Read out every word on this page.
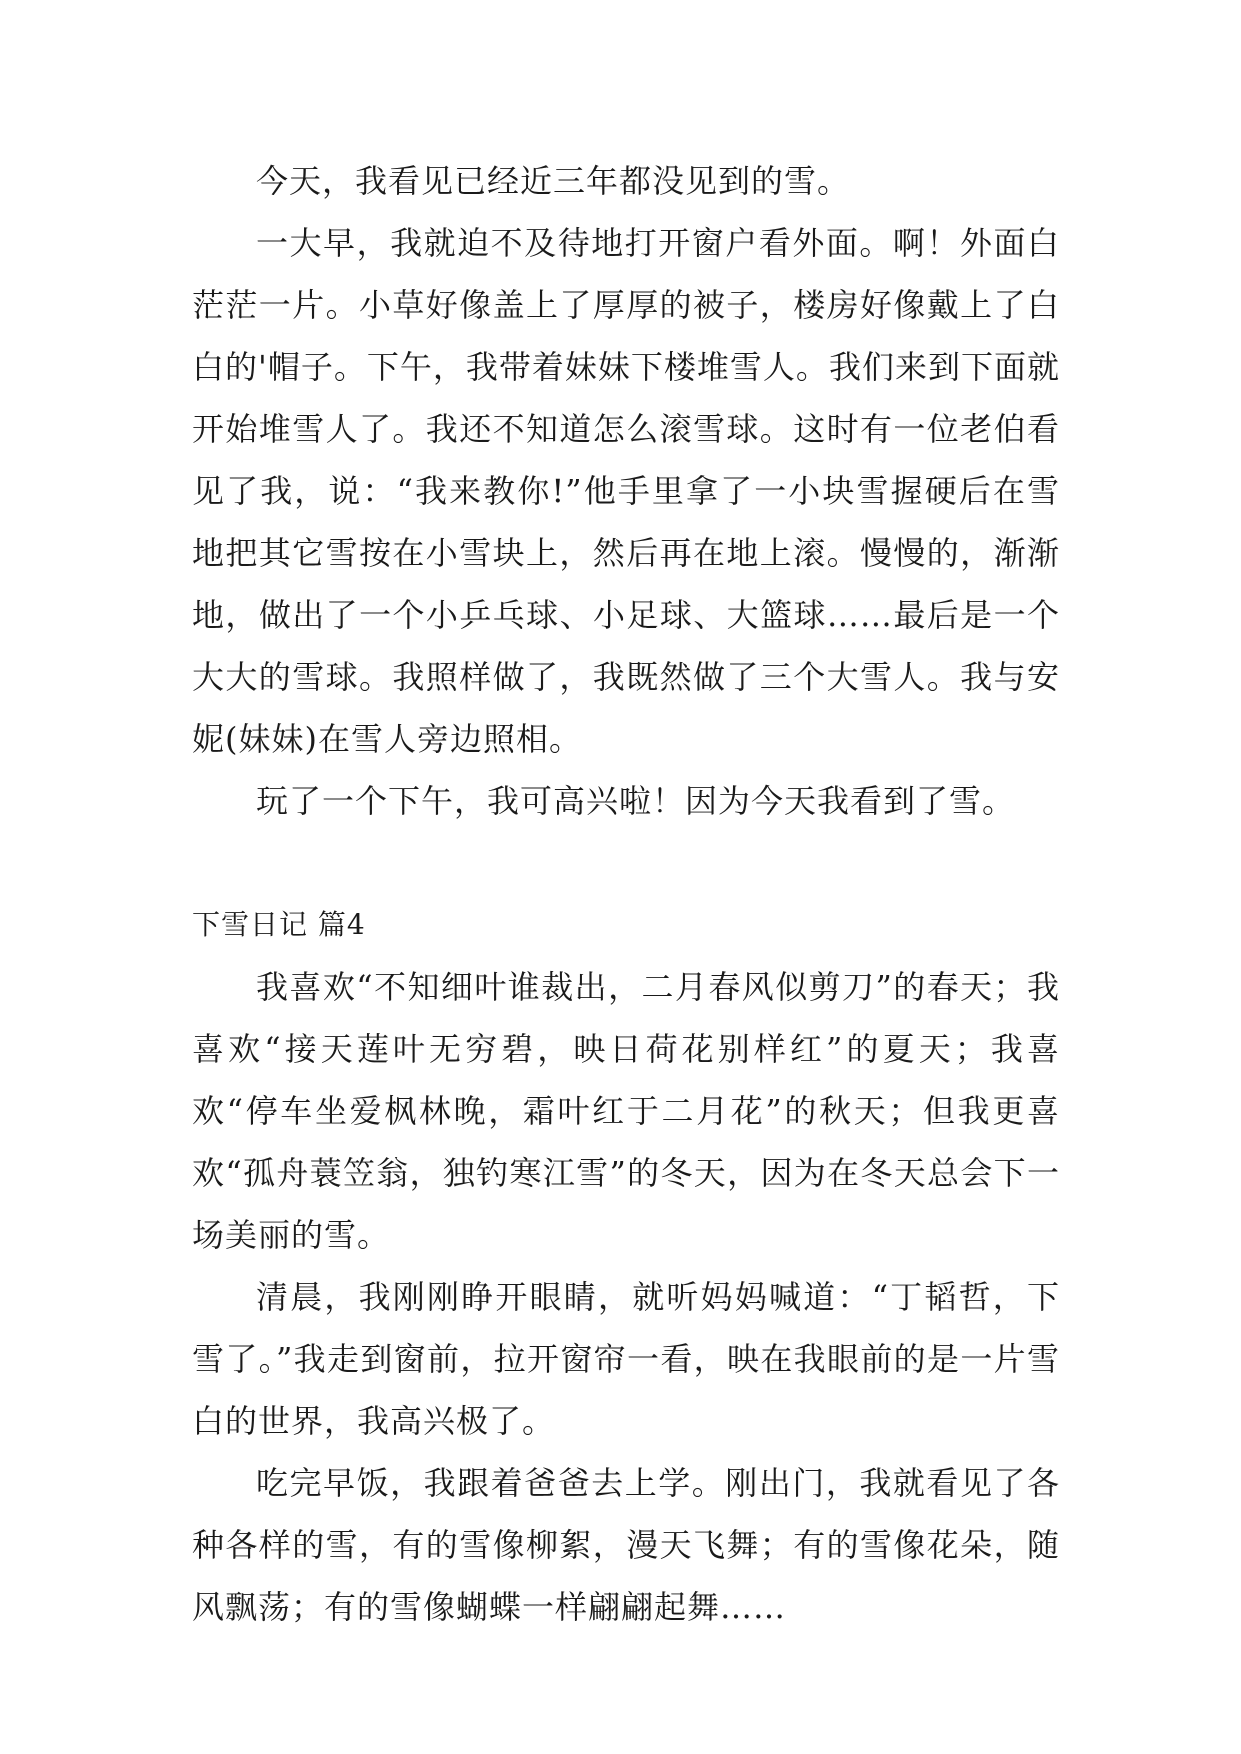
今天，我看见已经近三年都没见到的雪。

一大早，我就迫不及待地打开窗户看外面。啊！外面白茫茫一片。小草好像盖上了厚厚的被子，楼房好像戴上了白白的'帽子。下午，我带着妹妹下楼堆雪人。我们来到下面就开始堆雪人了。我还不知道怎么滚雪球。这时有一位老伯看见了我，说：“我来教你!”他手里拿了一小块雪握硬后在雪地把其它雪按在小雪块上，然后再在地上滚。慢慢的，渐渐地，做出了一个小乒乓球、小足球、大篮球……最后是一个大大的雪球。我照样做了，我既然做了三个大雪人。我与安妮(妹妹)在雪人旁边照相。

玩了一个下午，我可高兴啦！因为今天我看到了雪。

下雪日记 篇4

我喜欢“不知细叶谁裁出，二月春风似剪刀”的春天；我喜欢“接天莲叶无穷碧，映日荷花别样红”的夏天；我喜欢“停车坐爱枫林晚，霜叶红于二月花”的秋天；但我更喜欢“孤舟蓑笠翁，独钓寒江雪”的冬天，因为在冬天总会下一场美丽的雪。

清晨，我刚刚睁开眼睛，就听妈妈喊道：“丁韬哲，下雪了。”我走到窗前，拉开窗帘一看，映在我眼前的是一片雪白的世界，我高兴极了。

吃完早饭，我跟着爸爸去上学。刚出门，我就看见了各种各样的雪，有的雪像柳絮，漫天飞舞；有的雪像花朵，随风飘荡；有的雪像蝴蝶一样翩翩起舞……
